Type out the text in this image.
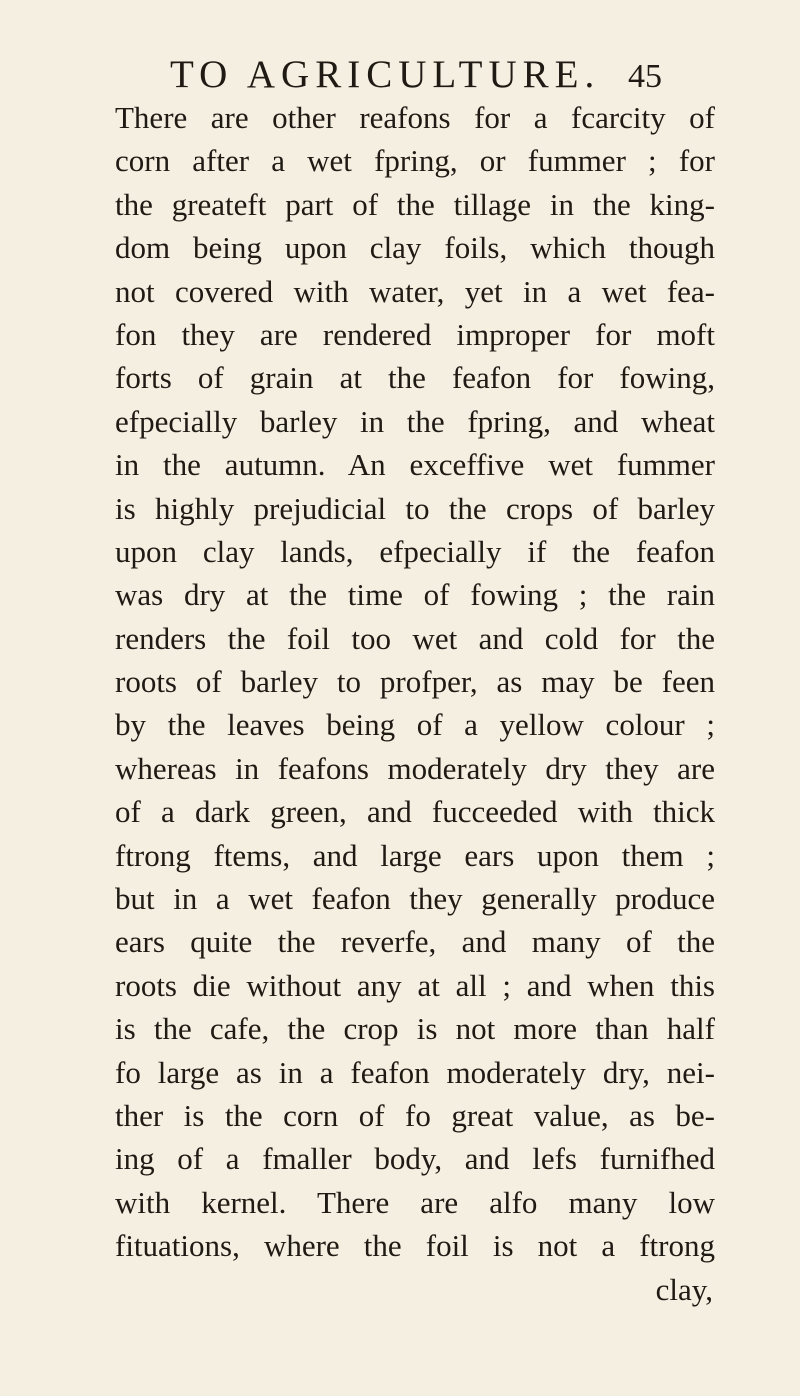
TO AGRICULTURE. 45
There are other reafons for a fcarcity of
corn after a wet fpring, or fummer ; for
the greateft part of the tillage in the king-
dom being upon clay foils, which though
not covered with water, yet in a wet fea-
fon they are rendered improper for moft
forts of grain at the feafon for fowing,
efpecially barley in the fpring, and wheat
in the autumn. An exceffive wet fummer
is highly prejudicial to the crops of barley
upon clay lands, efpecially if the feafon
was dry at the time of fowing ; the rain
renders the foil too wet and cold for the
roots of barley to profper, as may be feen
by the leaves being of a yellow colour ;
whereas in feafons moderately dry they are
of a dark green, and fucceeded with thick
ftrong ftems, and large ears upon them ;
but in a wet feafon they generally produce
ears quite the reverfe, and many of the
roots die without any at all ; and when this
is the cafe, the crop is not more than half
fo large as in a feafon moderately dry, nei-
ther is the corn of fo great value, as be-
ing of a fmaller body, and lefs furnifhed
with kernel. There are alfo many low
fituations, where the foil is not a ftrong
clay,
